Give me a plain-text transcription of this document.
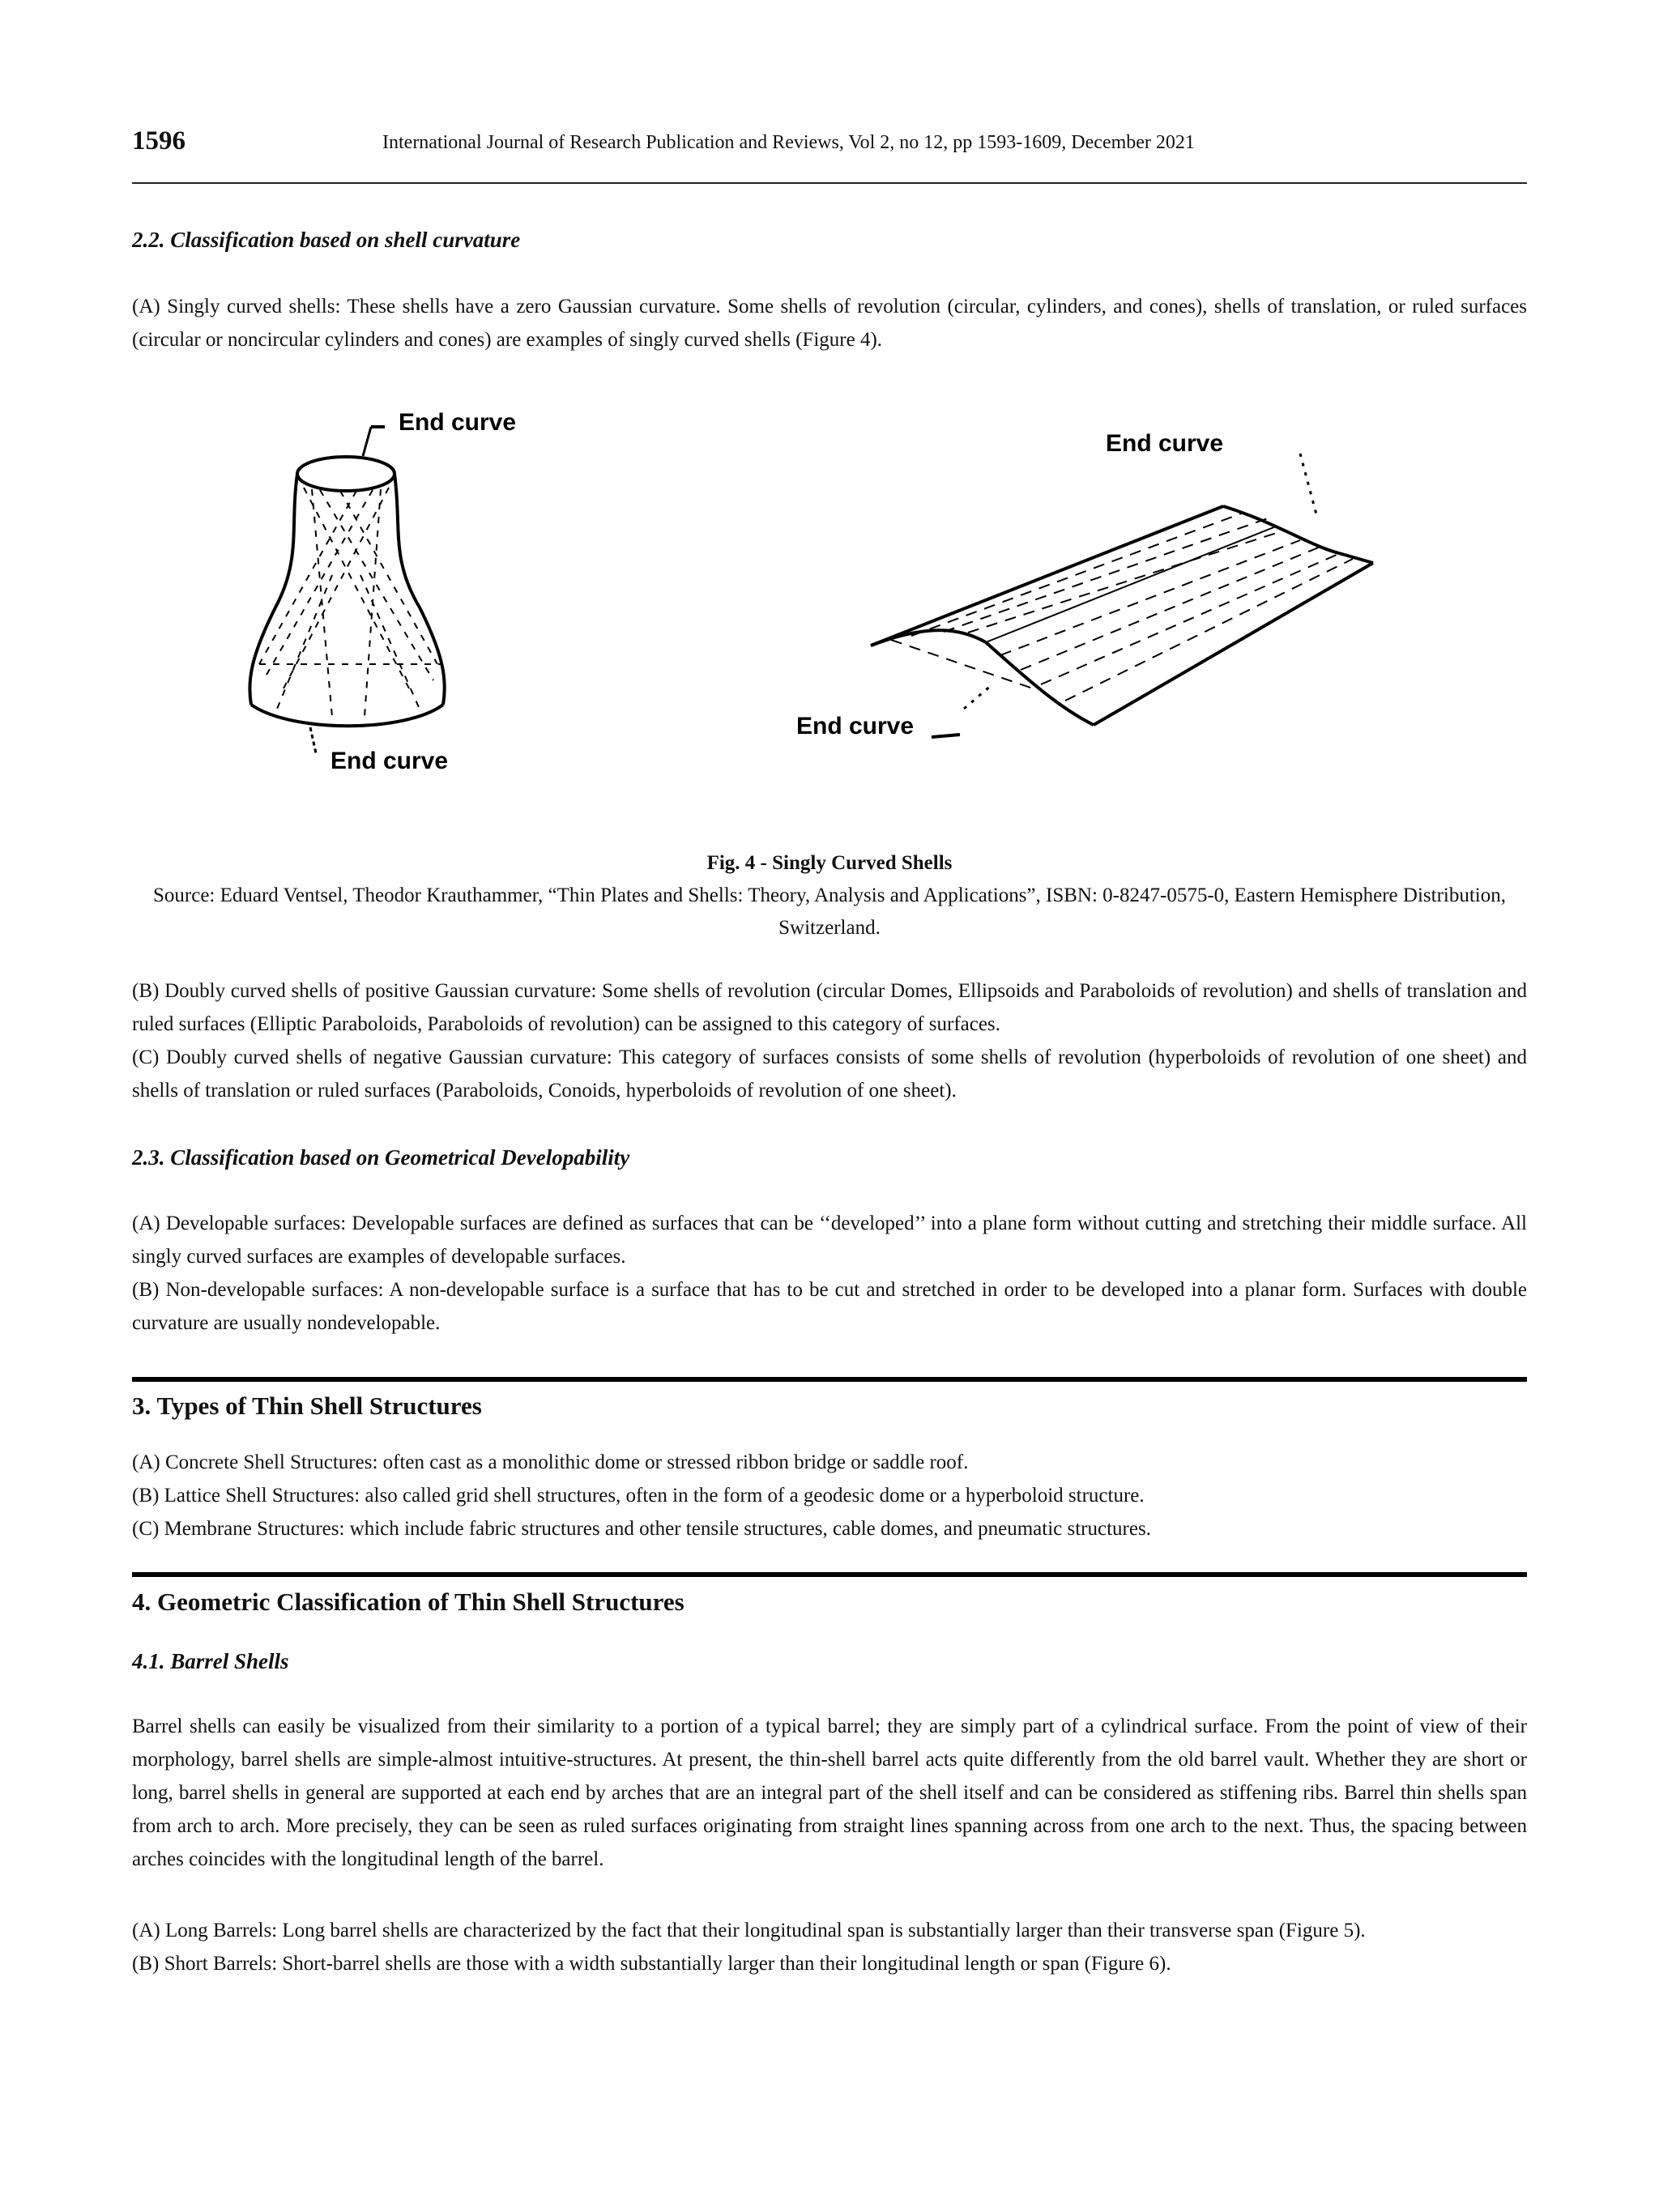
1596	International Journal of Research Publication and Reviews, Vol 2, no 12, pp 1593-1609, December 2021
2.2. Classification based on shell curvature

(A) Singly curved shells: These shells have a zero Gaussian curvature. Some shells of revolution (circular, cylinders, and cones), shells of translation, or ruled surfaces (circular or noncircular cylinders and cones) are examples of singly curved shells (Figure 4).

End curve
End curve
End curve
End curve
Fig. 4 - Singly Curved Shells
Source: Eduard Ventsel, Theodor Krauthammer, “Thin Plates and Shells: Theory, Analysis and Applications”, ISBN: 0-8247-0575-0, Eastern Hemisphere Distribution, Switzerland.

(B) Doubly curved shells of positive Gaussian curvature: Some shells of revolution (circular Domes, Ellipsoids and Paraboloids of revolution) and shells of translation and ruled surfaces (Elliptic Paraboloids, Paraboloids of revolution) can be assigned to this category of surfaces.

(C) Doubly curved shells of negative Gaussian curvature: This category of surfaces consists of some shells of revolution (hyperboloids of revolution of one sheet) and shells of translation or ruled surfaces (Paraboloids, Conoids, hyperboloids of revolution of one sheet).

2.3. Classification based on Geometrical Developability

(A) Developable surfaces: Developable surfaces are defined as surfaces that can be ‘‘developed’’ into a plane form without cutting and stretching their middle surface. All singly curved surfaces are examples of developable surfaces.

(B) Non-developable surfaces: A non-developable surface is a surface that has to be cut and stretched in order to be developed into a planar form. Surfaces with double curvature are usually nondevelopable.

3. Types of Thin Shell Structures

(A) Concrete Shell Structures: often cast as a monolithic dome or stressed ribbon bridge or saddle roof.

(B) Lattice Shell Structures: also called grid shell structures, often in the form of a geodesic dome or a hyperboloid structure.

(C) Membrane Structures: which include fabric structures and other tensile structures, cable domes, and pneumatic structures.

4. Geometric Classification of Thin Shell Structures
4.1. Barrel Shells

Barrel shells can easily be visualized from their similarity to a portion of a typical barrel; they are simply part of a cylindrical surface. From the point of view of their morphology, barrel shells are simple-almost intuitive-structures. At present, the thin-shell barrel acts quite differently from the old barrel vault. Whether they are short or long, barrel shells in general are supported at each end by arches that are an integral part of the shell itself and can be considered as stiffening ribs. Barrel thin shells span from arch to arch. More precisely, they can be seen as ruled surfaces originating from straight lines spanning across from one arch to the next. Thus, the spacing between arches coincides with the longitudinal length of the barrel.

(A) Long Barrels: Long barrel shells are characterized by the fact that their longitudinal span is substantially larger than their transverse span (Figure 5).

(B) Short Barrels: Short-barrel shells are those with a width substantially larger than their longitudinal length or span (Figure 6).
